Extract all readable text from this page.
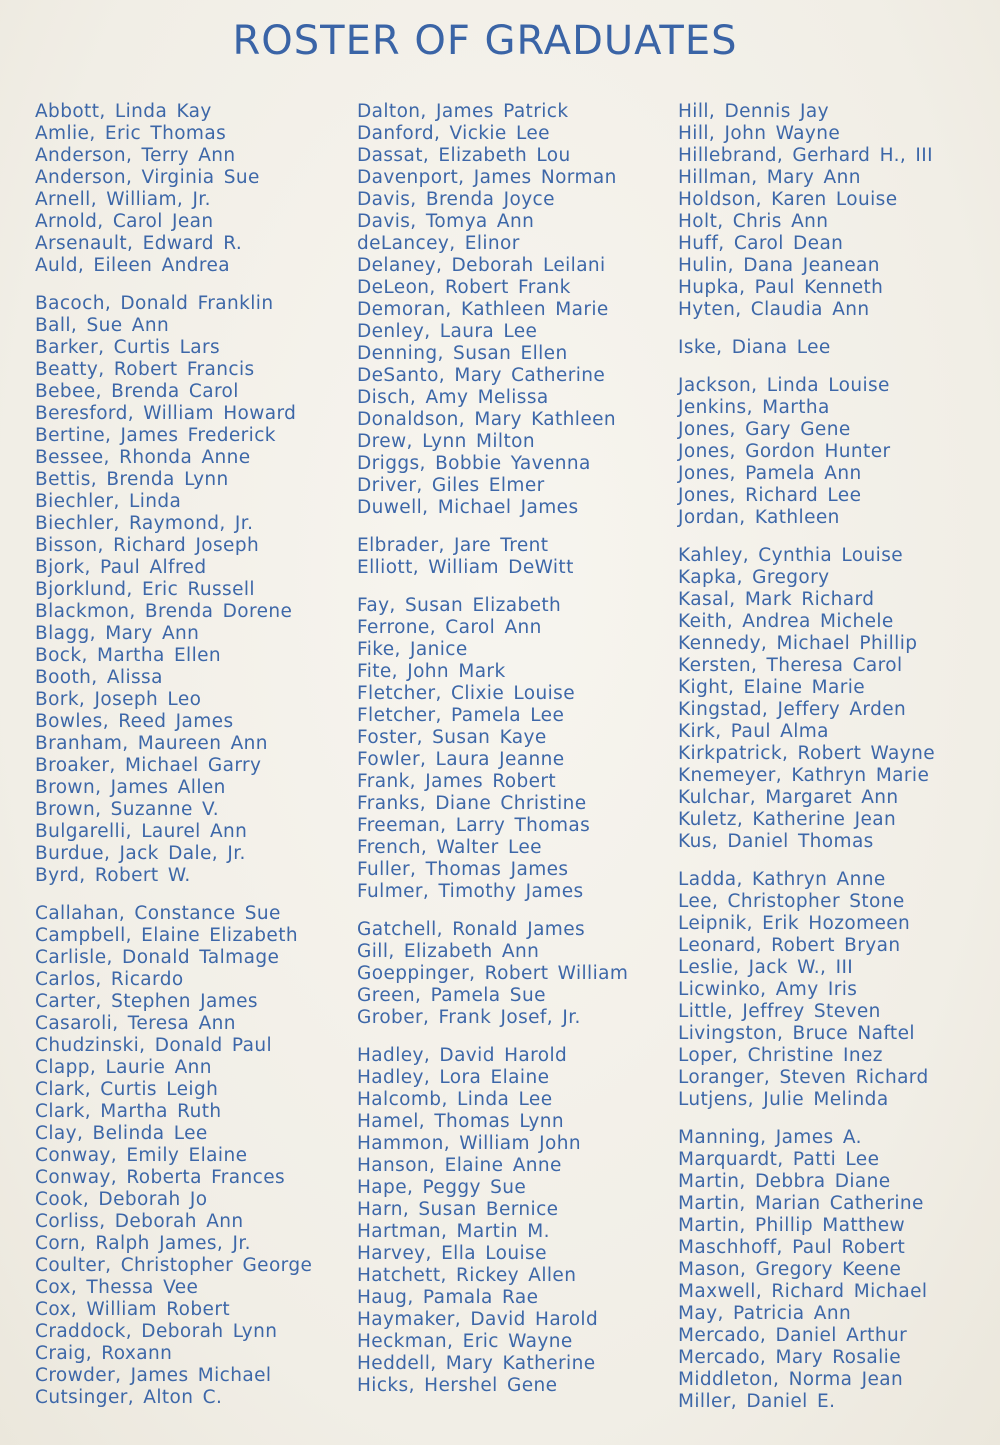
ROSTER OF GRADUATES
Abbott, Linda Kay
Amlie, Eric Thomas
Anderson, Terry Ann
Anderson, Virginia Sue
Arnell, William, Jr.
Arnold, Carol Jean
Arsenault, Edward R.
Auld, Eileen Andrea
Bacoch, Donald Franklin
Ball, Sue Ann
Barker, Curtis Lars
Beatty, Robert Francis
Bebee, Brenda Carol
Beresford, William Howard
Bertine, James Frederick
Bessee, Rhonda Anne
Bettis, Brenda Lynn
Biechler, Linda
Biechler, Raymond, Jr.
Bisson, Richard Joseph
Bjork, Paul Alfred
Bjorklund, Eric Russell
Blackmon, Brenda Dorene
Blagg, Mary Ann
Bock, Martha Ellen
Booth, Alissa
Bork, Joseph Leo
Bowles, Reed James
Branham, Maureen Ann
Broaker, Michael Garry
Brown, James Allen
Brown, Suzanne V.
Bulgarelli, Laurel Ann
Burdue, Jack Dale, Jr.
Byrd, Robert W.
Callahan, Constance Sue
Campbell, Elaine Elizabeth
Carlisle, Donald Talmage
Carlos, Ricardo
Carter, Stephen James
Casaroli, Teresa Ann
Chudzinski, Donald Paul
Clapp, Laurie Ann
Clark, Curtis Leigh
Clark, Martha Ruth
Clay, Belinda Lee
Conway, Emily Elaine
Conway, Roberta Frances
Cook, Deborah Jo
Corliss, Deborah Ann
Corn, Ralph James, Jr.
Coulter, Christopher George
Cox, Thessa Vee
Cox, William Robert
Craddock, Deborah Lynn
Craig, Roxann
Crowder, James Michael
Cutsinger, Alton C.
Dalton, James Patrick
Danford, Vickie Lee
Dassat, Elizabeth Lou
Davenport, James Norman
Davis, Brenda Joyce
Davis, Tomya Ann
deLancey, Elinor
Delaney, Deborah Leilani
DeLeon, Robert Frank
Demoran, Kathleen Marie
Denley, Laura Lee
Denning, Susan Ellen
DeSanto, Mary Catherine
Disch, Amy Melissa
Donaldson, Mary Kathleen
Drew, Lynn Milton
Driggs, Bobbie Yavenna
Driver, Giles Elmer
Duwell, Michael James
Elbrader, Jare Trent
Elliott, William DeWitt
Fay, Susan Elizabeth
Ferrone, Carol Ann
Fike, Janice
Fite, John Mark
Fletcher, Clixie Louise
Fletcher, Pamela Lee
Foster, Susan Kaye
Fowler, Laura Jeanne
Frank, James Robert
Franks, Diane Christine
Freeman, Larry Thomas
French, Walter Lee
Fuller, Thomas James
Fulmer, Timothy James
Gatchell, Ronald James
Gill, Elizabeth Ann
Goeppinger, Robert William
Green, Pamela Sue
Grober, Frank Josef, Jr.
Hadley, David Harold
Hadley, Lora Elaine
Halcomb, Linda Lee
Hamel, Thomas Lynn
Hammon, William John
Hanson, Elaine Anne
Hape, Peggy Sue
Harn, Susan Bernice
Hartman, Martin M.
Harvey, Ella Louise
Hatchett, Rickey Allen
Haug, Pamala Rae
Haymaker, David Harold
Heckman, Eric Wayne
Heddell, Mary Katherine
Hicks, Hershel Gene
Hill, Dennis Jay
Hill, John Wayne
Hillebrand, Gerhard H., III
Hillman, Mary Ann
Holdson, Karen Louise
Holt, Chris Ann
Huff, Carol Dean
Hulin, Dana Jeanean
Hupka, Paul Kenneth
Hyten, Claudia Ann
Iske, Diana Lee
Jackson, Linda Louise
Jenkins, Martha
Jones, Gary Gene
Jones, Gordon Hunter
Jones, Pamela Ann
Jones, Richard Lee
Jordan, Kathleen
Kahley, Cynthia Louise
Kapka, Gregory
Kasal, Mark Richard
Keith, Andrea Michele
Kennedy, Michael Phillip
Kersten, Theresa Carol
Kight, Elaine Marie
Kingstad, Jeffery Arden
Kirk, Paul Alma
Kirkpatrick, Robert Wayne
Knemeyer, Kathryn Marie
Kulchar, Margaret Ann
Kuletz, Katherine Jean
Kus, Daniel Thomas
Ladda, Kathryn Anne
Lee, Christopher Stone
Leipnik, Erik Hozomeen
Leonard, Robert Bryan
Leslie, Jack W., III
Licwinko, Amy Iris
Little, Jeffrey Steven
Livingston, Bruce Naftel
Loper, Christine Inez
Loranger, Steven Richard
Lutjens, Julie Melinda
Manning, James A.
Marquardt, Patti Lee
Martin, Debbra Diane
Martin, Marian Catherine
Martin, Phillip Matthew
Maschhoff, Paul Robert
Mason, Gregory Keene
Maxwell, Richard Michael
May, Patricia Ann
Mercado, Daniel Arthur
Mercado, Mary Rosalie
Middleton, Norma Jean
Miller, Daniel E.
